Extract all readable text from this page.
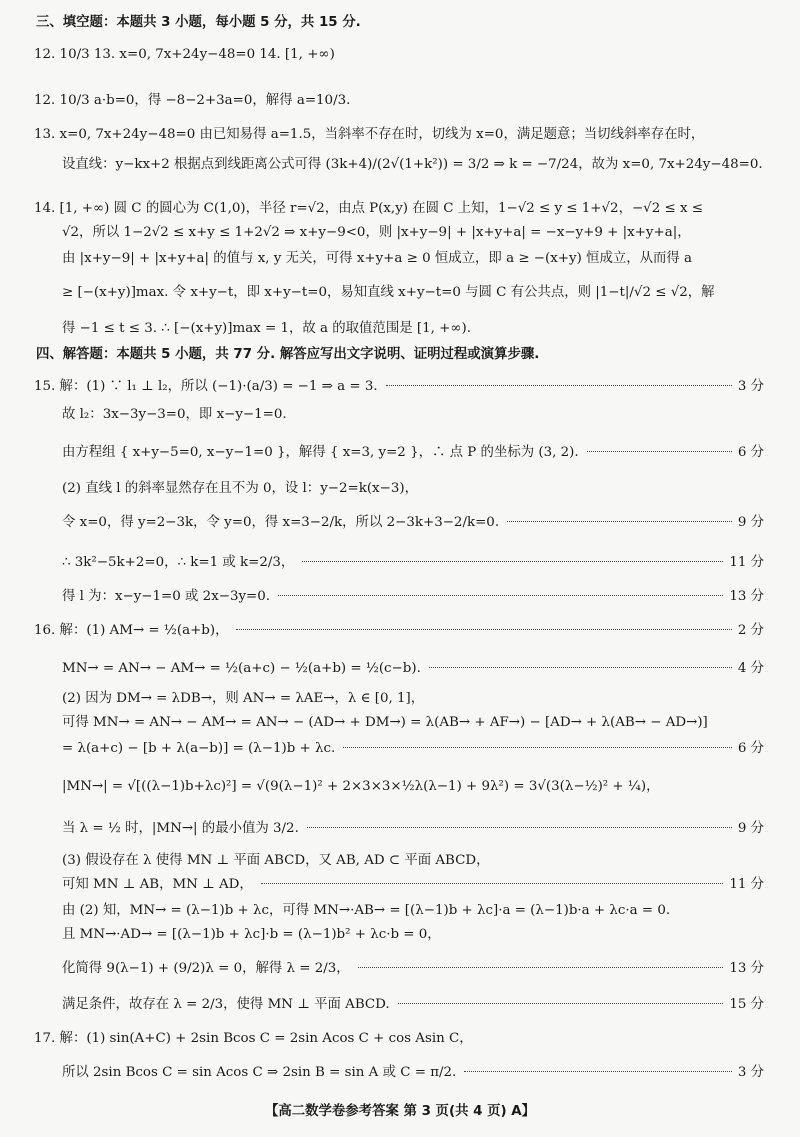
三、填空题：本题共 3 小题，每小题 5 分，共 15 分.
12. 10/3 13. x=0, 7x+24y−48=0 14. [1, +∞)
12. 10/3 a·b=0，得 −8−2+3a=0，解得 a=10/3.
13. x=0, 7x+24y−48=0 由已知易得 a=1.5，当斜率不存在时，切线为 x=0，满足题意；当切线斜率存在时，
设直线：y−kx+2 根据点到线距离公式可得 (3k+4)/(2√(1+k²)) = 3/2 ⇒ k = −7/24，故为 x=0, 7x+24y−48=0.
14. [1, +∞) 圆 C 的圆心为 C(1,0)，半径 r=√2，由点 P(x,y) 在圆 C 上知，1−√2 ≤ y ≤ 1+√2，−√2 ≤ x ≤
√2，所以 1−2√2 ≤ x+y ≤ 1+2√2 ⇒ x+y−9<0，则 |x+y−9| + |x+y+a| = −x−y+9 + |x+y+a|，
由 |x+y−9| + |x+y+a| 的值与 x, y 无关，可得 x+y+a ≥ 0 恒成立，即 a ≥ −(x+y) 恒成立，从而得 a
≥ [−(x+y)]max. 令 x+y−t，即 x+y−t=0，易知直线 x+y−t=0 与圆 C 有公共点，则 |1−t|/√2 ≤ √2，解
得 −1 ≤ t ≤ 3. ∴ [−(x+y)]max = 1，故 a 的取值范围是 [1, +∞).
四、解答题：本题共 5 小题，共 77 分. 解答应写出文字说明、证明过程或演算步骤.
15. 解：(1) ∵ l₁ ⊥ l₂，所以 (−1)·(a/3) = −1 ⇒ a = 3.	3 分
故 l₂：3x−3y−3=0，即 x−y−1=0.
由方程组 { x+y−5=0, x−y−1=0 }，解得 { x=3, y=2 }，∴ 点 P 的坐标为 (3, 2).	6 分
(2) 直线 l 的斜率显然存在且不为 0，设 l：y−2=k(x−3)，
令 x=0，得 y=2−3k，令 y=0，得 x=3−2/k，所以 2−3k+3−2/k=0.	9 分
∴ 3k²−5k+2=0，∴ k=1 或 k=2/3，	11 分
得 l 为：x−y−1=0 或 2x−3y=0.	13 分
16. 解：(1) AM→ = ½(a+b)，	2 分
MN→ = AN→ − AM→ = ½(a+c) − ½(a+b) = ½(c−b).	4 分
(2) 因为 DM→ = λDB→，则 AN→ = λAE→，λ ∈ [0, 1]，
可得 MN→ = AN→ − AM→ = AN→ − (AD→ + DM→) = λ(AB→ + AF→) − [AD→ + λ(AB→ − AD→)]
= λ(a+c) − [b + λ(a−b)] = (λ−1)b + λc.	6 分
|MN→| = √[((λ−1)b+λc)²] = √(9(λ−1)² + 2×3×3×½λ(λ−1) + 9λ²) = 3√(3(λ−½)² + ¼)，
当 λ = ½ 时，|MN→| 的最小值为 3/2.	9 分
(3) 假设存在 λ 使得 MN ⊥ 平面 ABCD，又 AB, AD ⊂ 平面 ABCD，
可知 MN ⊥ AB，MN ⊥ AD，	11 分
由 (2) 知，MN→ = (λ−1)b + λc，可得 MN→·AB→ = [(λ−1)b + λc]·a = (λ−1)b·a + λc·a = 0.
且 MN→·AD→ = [(λ−1)b + λc]·b = (λ−1)b² + λc·b = 0，
化简得 9(λ−1) + (9/2)λ = 0，解得 λ = 2/3，	13 分
满足条件，故存在 λ = 2/3，使得 MN ⊥ 平面 ABCD.	15 分
17. 解：(1) sin(A+C) + 2sin Bcos C = 2sin Acos C + cos Asin C，
所以 2sin Bcos C = sin Acos C ⇒ 2sin B = sin A 或 C = π/2.	3 分
【高二数学卷参考答案 第 3 页(共 4 页) A】
